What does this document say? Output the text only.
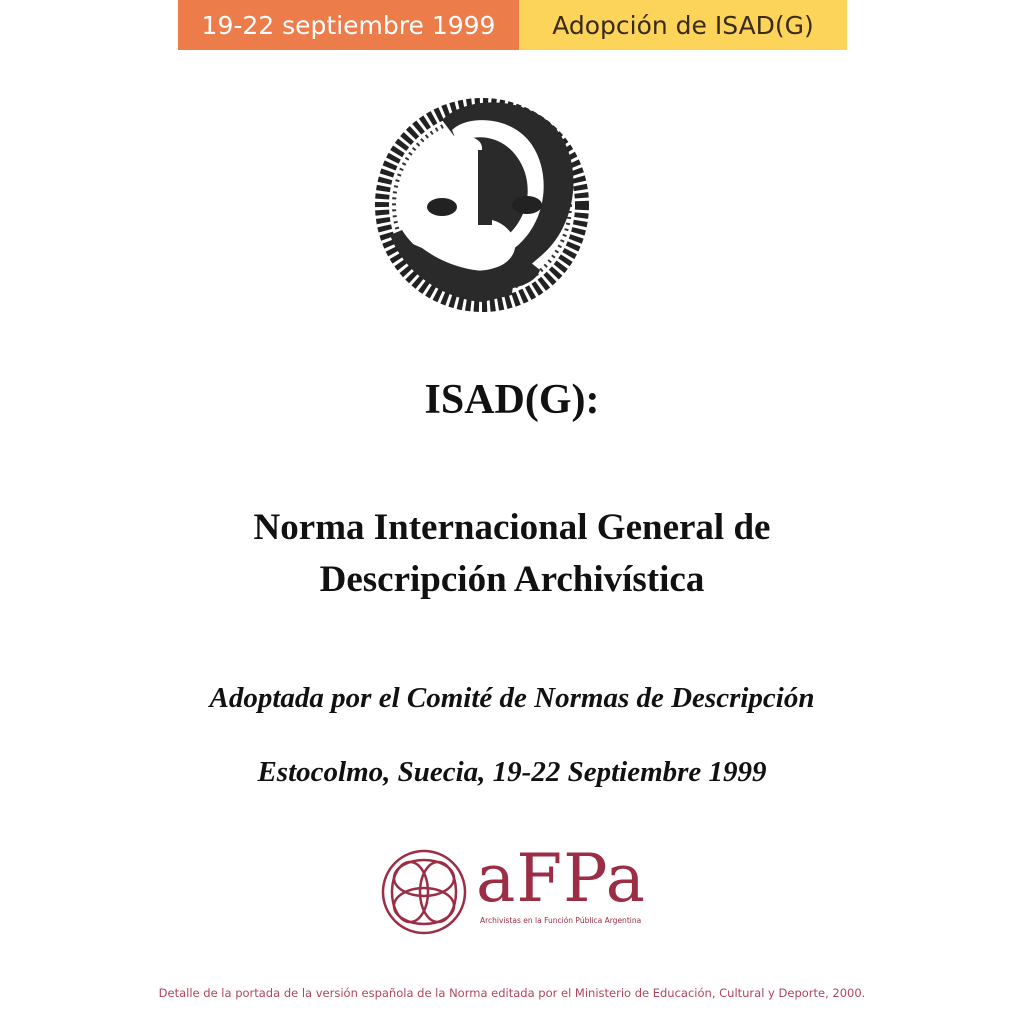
19-22 septiembre 1999	Adopción de ISAD(G)
ISAD(G):
Norma Internacional General de
Descripción Archivística
Adoptada por el Comité de Normas de Descripción
Estocolmo, Suecia, 19-22 Septiembre 1999
aFPa
Archivistas en la Función Pública Argentina
Detalle de la portada de la versión española de la Norma editada por el Ministerio de Educación, Cultural y Deporte, 2000.
